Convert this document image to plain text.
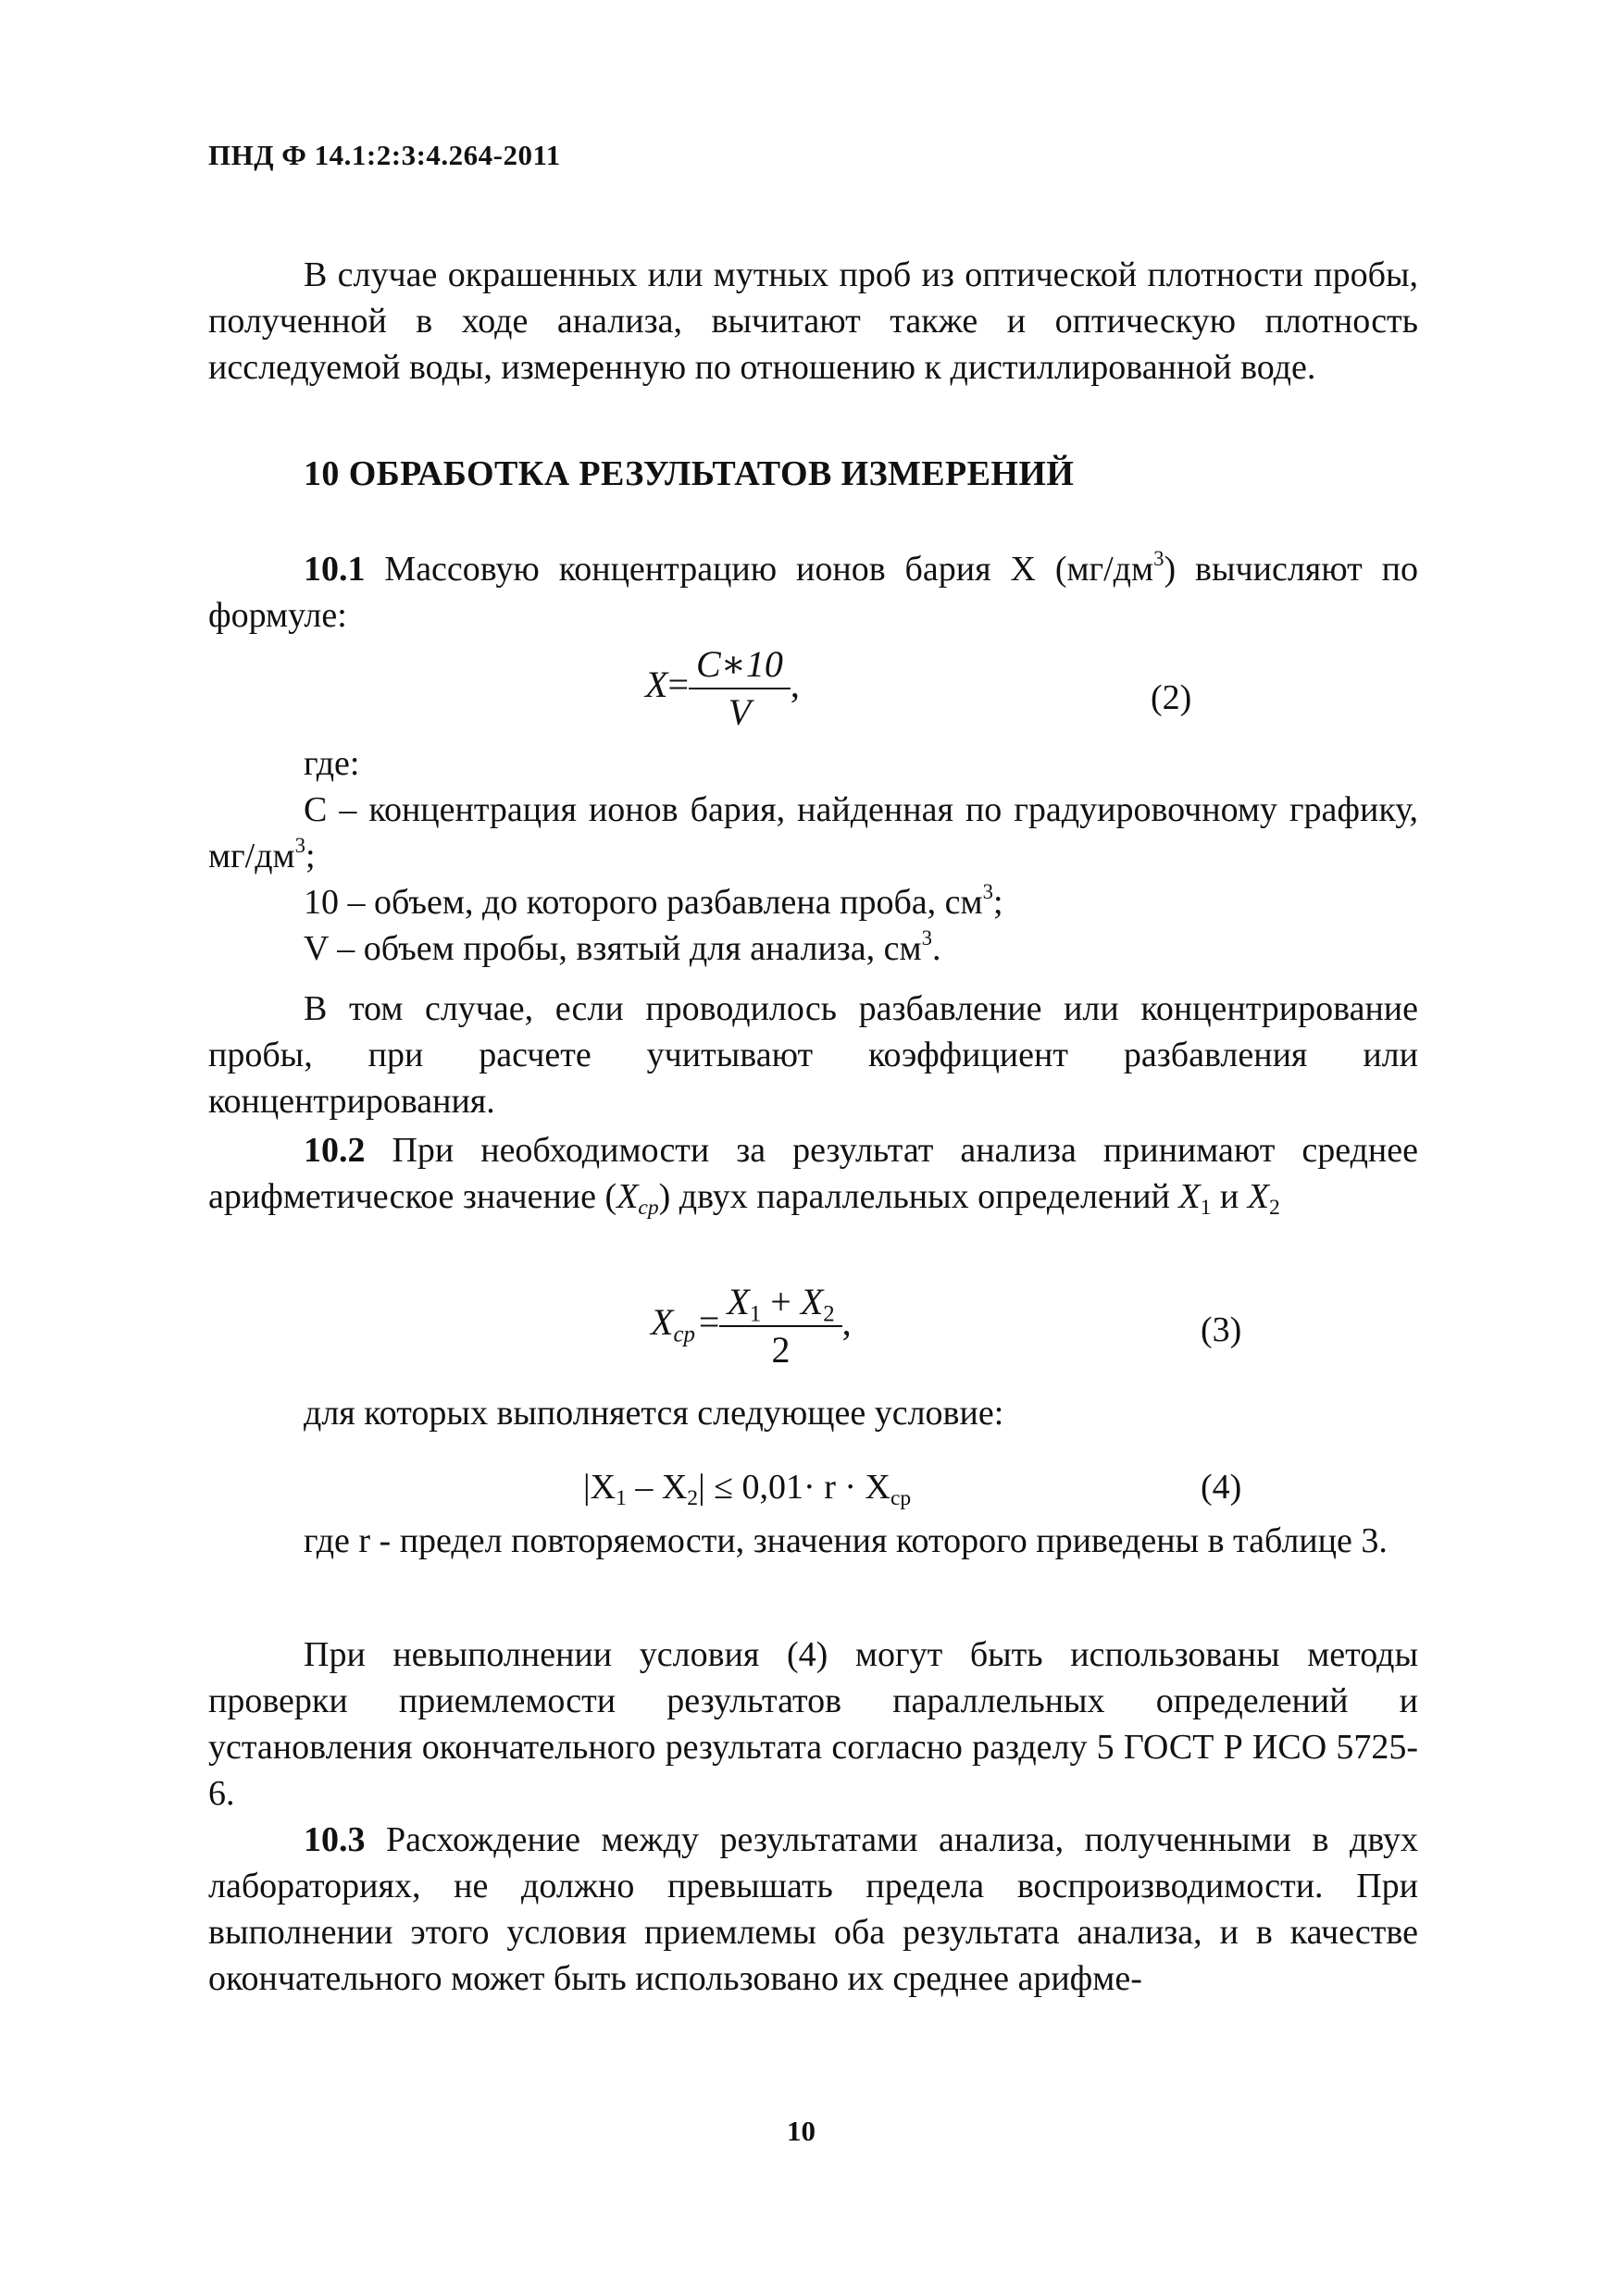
ПНД Ф 14.1:2:3:4.264-2011

В случае окрашенных или мутных проб из оптической плотности пробы, полученной в ходе анализа, вычитают также и оптическую плотность исследуемой воды, измеренную по отношению к дистиллированной воде.

10 ОБРАБОТКА РЕЗУЛЬТАТОВ ИЗМЕРЕНИЙ

10.1 Массовую концентрацию ионов бария X $(мг/дм^3)$ вычисляют по формуле:

$X= \frac{C∗10}{V}$ ,	(2)
где:

С – концентрация ионов бария, найденная по градуировочному графику, $мг/дм^3$;

10 – объем, до которого разбавлена проба, $см^3$;
V – объем пробы, взятый для анализа, $см^3$.

В том случае, если проводилось разбавление или концентрирование пробы, при расчете учитывают коэффициент разбавления или концентрирования.

10.2 При необходимости за результат анализа принимают среднее арифметическое значение $(X_{cp})$ двух параллельных определений $X_1$ и $X_2$

$X_{cp} = \frac{X_1 + X_2}{2}$ ,	(3)
для которых выполняется следующее условие:
$|X_1 - X_2| \le 0,01\cdot r \cdot X_{cp}$	(4)

где r - предел повторяемости, значения которого приведены в таблице 3.

При невыполнении условия (4) могут быть использованы методы проверки приемлемости результатов параллельных определений и установления окончательного результата согласно разделу 5 ГОСТ Р ИСО 5725-6.

10.3 Расхождение между результатами анализа, полученными в двух лабораториях, не должно превышать предела воспроизводимости. При выполнении этого условия приемлемы оба результата анализа, и в качестве окончательного может быть использовано их среднее арифме-

10
